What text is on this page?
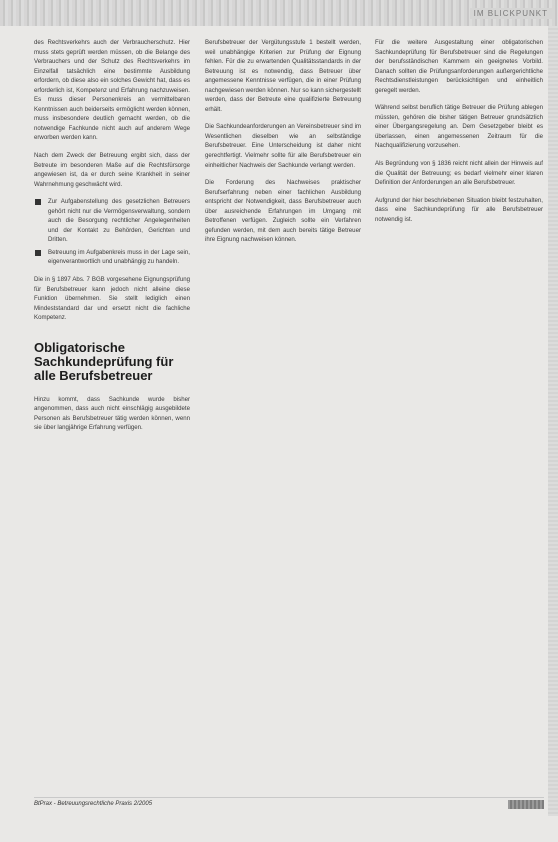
IM BLICKPUNKT

des Rechtsverkehrs auch der Verbraucherschutz. Hier muss stets geprüft werden müssen, ob die Belange des Verbrauchers und der Schutz des Rechtsverkehrs im Einzelfall tatsächlich eine bestimmte Ausbildung erfordern, ob diese also ein solches Gewicht hat, dass es erforderlich ist, Kompetenz und Erfahrung nachzuweisen. Es muss dieser Personenkreis an vermittelbaren Kenntnissen auch beiderseits ermöglicht werden können, muss insbesondere deutlich gemacht werden, ob die notwendige Fachkunde nicht auch auf anderem Wege erworben werden kann.

Nach dem Zweck der Betreuung ergibt sich, dass der Betreute im besonderen Maße auf die Rechtsfürsorge angewiesen ist, da er durch seine Krankheit in seiner Wahrnehmung geschwächt wird.

Zur Aufgabenstellung des gesetzlichen Betreuers gehört nicht nur die Vermögensverwaltung, sondern auch die Besorgung rechtlicher Angelegenheiten und der Kontakt zu Behörden, Gerichten und Dritten.
Betreuung im Aufgabenkreis muss in der Lage sein, eigenverantwortlich und unabhängig zu handeln.

Die in § 1897 Abs. 7 BGB vorgesehene Eignungsprüfung für Berufsbetreuer kann jedoch nicht alleine diese Funktion übernehmen. Sie stellt lediglich einen Mindeststandard dar und ersetzt nicht die fachliche Kompetenz.

Obligatorische Sachkundeprüfung für alle Berufsbetreuer

Hinzu kommt, dass Sachkunde wurde bisher angenommen, dass auch nicht einschlägig ausgebildete Personen als Berufsbetreuer tätig werden können, wenn sie über langjährige Erfahrung verfügen.

Berufsbetreuer der Vergütungsstufe 1 bestellt werden, weil unabhängige Kriterien zur Prüfung der Eignung fehlen. Für die zu erwartenden Qualitätsstandards in der Betreuung ist es notwendig, dass Betreuer über angemessene Kenntnisse verfügen, die in einer Prüfung nachgewiesen werden können. Nur so kann sichergestellt werden, dass der Betreute eine qualifizierte Betreuung erhält.

Die Sachkundeanforderungen an Vereinsbetreuer sind im Wesentlichen dieselben wie an selbständige Berufsbetreuer. Eine Unterscheidung ist daher nicht gerechtfertigt. Vielmehr sollte für alle Berufsbetreuer ein einheitlicher Nachweis der Sachkunde verlangt werden.

Die Forderung des Nachweises praktischer Berufserfahrung neben einer fachlichen Ausbildung entspricht der Notwendigkeit, dass Berufsbetreuer auch über ausreichende Erfahrungen im Umgang mit Betroffenen verfügen. Zugleich sollte ein Verfahren gefunden werden, mit dem auch bereits tätige Betreuer ihre Eignung nachweisen können.

Für die weitere Ausgestaltung einer obligatorischen Sachkundeprüfung für Berufsbetreuer sind die Regelungen der berufsständischen Kammern ein geeignetes Vorbild. Danach sollten die Prüfungsanforderungen außergerichtliche Rechtsdienstleistungen berücksichtigen und einheitlich geregelt werden.

Während selbst beruflich tätige Betreuer die Prüfung ablegen müssten, gehören die bisher tätigen Betreuer grundsätzlich einer Übergangsregelung an. Dem Gesetzgeber bleibt es überlassen, einen angemessenen Zeitraum für die Nachqualifizierung vorzusehen.

Als Begründung von § 1836 reicht nicht allein der Hinweis auf die Qualität der Betreuung; es bedarf vielmehr einer klaren Definition der Anforderungen an alle Berufsbetreuer.

Aufgrund der hier beschriebenen Situation bleibt festzuhalten, dass eine Sachkundeprüfung für alle Berufsbetreuer notwendig ist.

BtPrax - Betreuungsrechtliche Praxis 2/2005
